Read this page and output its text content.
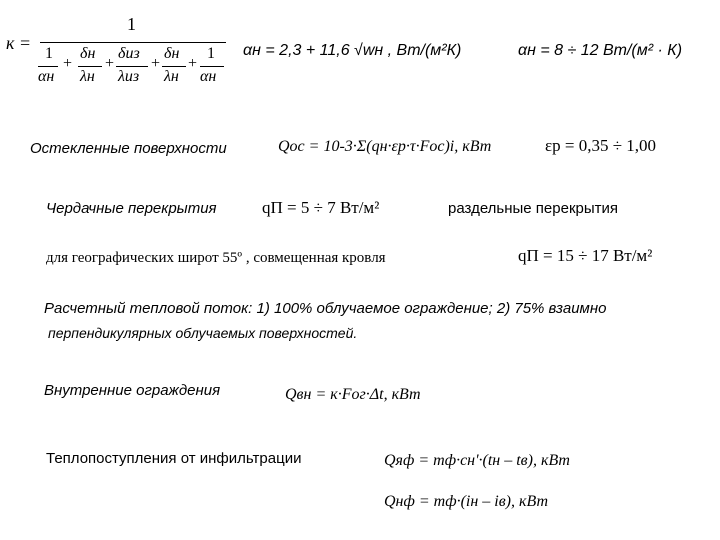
к =
1
1
αн
+
δн
λн
+
δиз
λиз
+
δн
λн
+
1
αн
αн = 2,3 + 11,6 √wн , Вт/(м²К)	αн = 8 ÷ 12 Вт/(м² · К)
Остекленные поверхности	Qос = 10-3·Σ(qн·εр·τ·Fос)i, кВт	εр = 0,35 ÷ 1,00
Чердачные перекрытия	qП = 5 ÷ 7 Вт/м²	раздельные перекрытия
для географических широт 55º , совмещенная кровля	qП = 15 ÷ 17 Вт/м²
Расчетный тепловой поток: 1) 100% облучаемое ограждение; 2) 75% взаимно
перпендикулярных облучаемых поверхностей.
Внутренние ограждения	Qвн = к·Fог·Δt, кВт
Теплопоступления от инфильтрации	Qяф = mф·cн'·(tн – tв), кВт
Qнф = mф·(iн – iв), кВт
